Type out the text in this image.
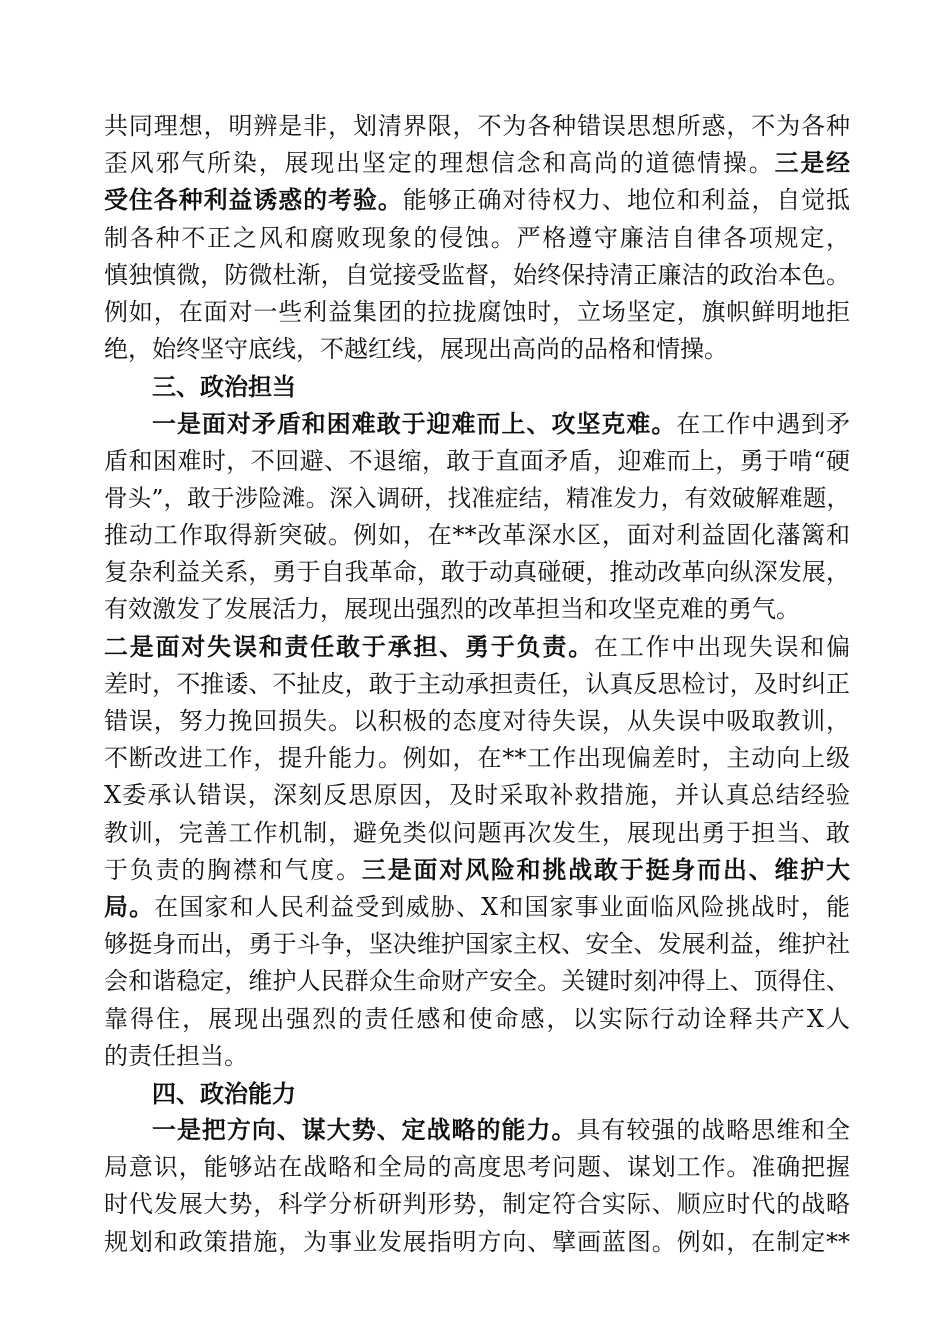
共同理想，明辨是非，划清界限，不为各种错误思想所惑，不为各种
歪风邪气所染，展现出坚定的理想信念和高尚的道德情操。三是经
受住各种利益诱惑的考验。能够正确对待权力、地位和利益，自觉抵
制各种不正之风和腐败现象的侵蚀。严格遵守廉洁自律各项规定，
慎独慎微，防微杜渐，自觉接受监督，始终保持清正廉洁的政治本色。
例如，在面对一些利益集团的拉拢腐蚀时，立场坚定，旗帜鲜明地拒
绝，始终坚守底线，不越红线，展现出高尚的品格和情操。
三、政治担当
一是面对矛盾和困难敢于迎难而上、攻坚克难。在工作中遇到矛
盾和困难时，不回避、不退缩，敢于直面矛盾，迎难而上，勇于啃“硬
骨头”，敢于涉险滩。深入调研，找准症结，精准发力，有效破解难题，
推动工作取得新突破。例如，在**改革深水区，面对利益固化藩篱和
复杂利益关系，勇于自我革命，敢于动真碰硬，推动改革向纵深发展，
有效激发了发展活力，展现出强烈的改革担当和攻坚克难的勇气。
二是面对失误和责任敢于承担、勇于负责。在工作中出现失误和偏
差时，不推诿、不扯皮，敢于主动承担责任，认真反思检讨，及时纠正
错误，努力挽回损失。以积极的态度对待失误，从失误中吸取教训，
不断改进工作，提升能力。例如，在**工作出现偏差时，主动向上级
X委承认错误，深刻反思原因，及时采取补救措施，并认真总结经验
教训，完善工作机制，避免类似问题再次发生，展现出勇于担当、敢
于负责的胸襟和气度。三是面对风险和挑战敢于挺身而出、维护大
局。在国家和人民利益受到威胁、X和国家事业面临风险挑战时，能
够挺身而出，勇于斗争，坚决维护国家主权、安全、发展利益，维护社
会和谐稳定，维护人民群众生命财产安全。关键时刻冲得上、顶得住、
靠得住，展现出强烈的责任感和使命感，以实际行动诠释共产X人
的责任担当。
四、政治能力
一是把方向、谋大势、定战略的能力。具有较强的战略思维和全
局意识，能够站在战略和全局的高度思考问题、谋划工作。准确把握
时代发展大势，科学分析研判形势，制定符合实际、顺应时代的战略
规划和政策措施，为事业发展指明方向、擘画蓝图。例如，在制定**
